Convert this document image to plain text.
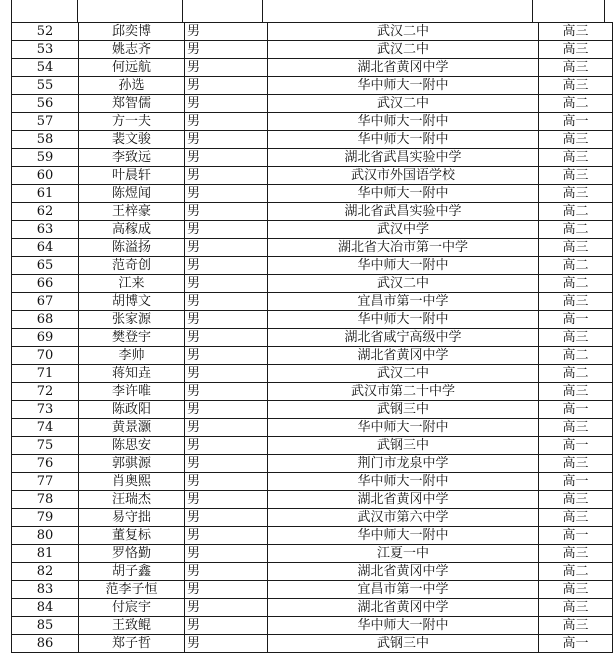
52	邱奕博	男	武汉二中	高三
53	姚志齐	男	武汉二中	高三
54	何远航	男	湖北省黄冈中学	高三
55	孙选	男	华中师大一附中	高三
56	郑智儒	男	武汉二中	高二
57	方一夫	男	华中师大一附中	高一
58	裴文骏	男	华中师大一附中	高三
59	李致远	男	湖北省武昌实验中学	高三
60	叶晨轩	男	武汉市外国语学校	高三
61	陈煜闻	男	华中师大一附中	高三
62	王梓豪	男	湖北省武昌实验中学	高二
63	高稼成	男	武汉中学	高二
64	陈溢扬	男	湖北省大冶市第一中学	高三
65	范奇创	男	华中师大一附中	高二
66	江来	男	武汉二中	高二
67	胡博文	男	宜昌市第一中学	高三
68	张家源	男	华中师大一附中	高一
69	樊登宇	男	湖北省咸宁高级中学	高三
70	李帅	男	湖北省黄冈中学	高二
71	蒋知垚	男	武汉二中	高二
72	李许唯	男	武汉市第二十中学	高三
73	陈政阳	男	武钢三中	高一
74	黄景灏	男	华中师大一附中	高三
75	陈思安	男	武钢三中	高一
76	郭骐源	男	荆门市龙泉中学	高三
77	肖奥熙	男	华中师大一附中	高一
78	汪瑞杰	男	湖北省黄冈中学	高三
79	易守拙	男	武汉市第六中学	高三
80	董复标	男	华中师大一附中	高一
81	罗恪勤	男	江夏一中	高三
82	胡子鑫	男	湖北省黄冈中学	高二
83	范李子恒	男	宜昌市第一中学	高三
84	付宸宇	男	湖北省黄冈中学	高三
85	王致鲲	男	华中师大一附中	高三
86	郑子哲	男	武钢三中	高一
